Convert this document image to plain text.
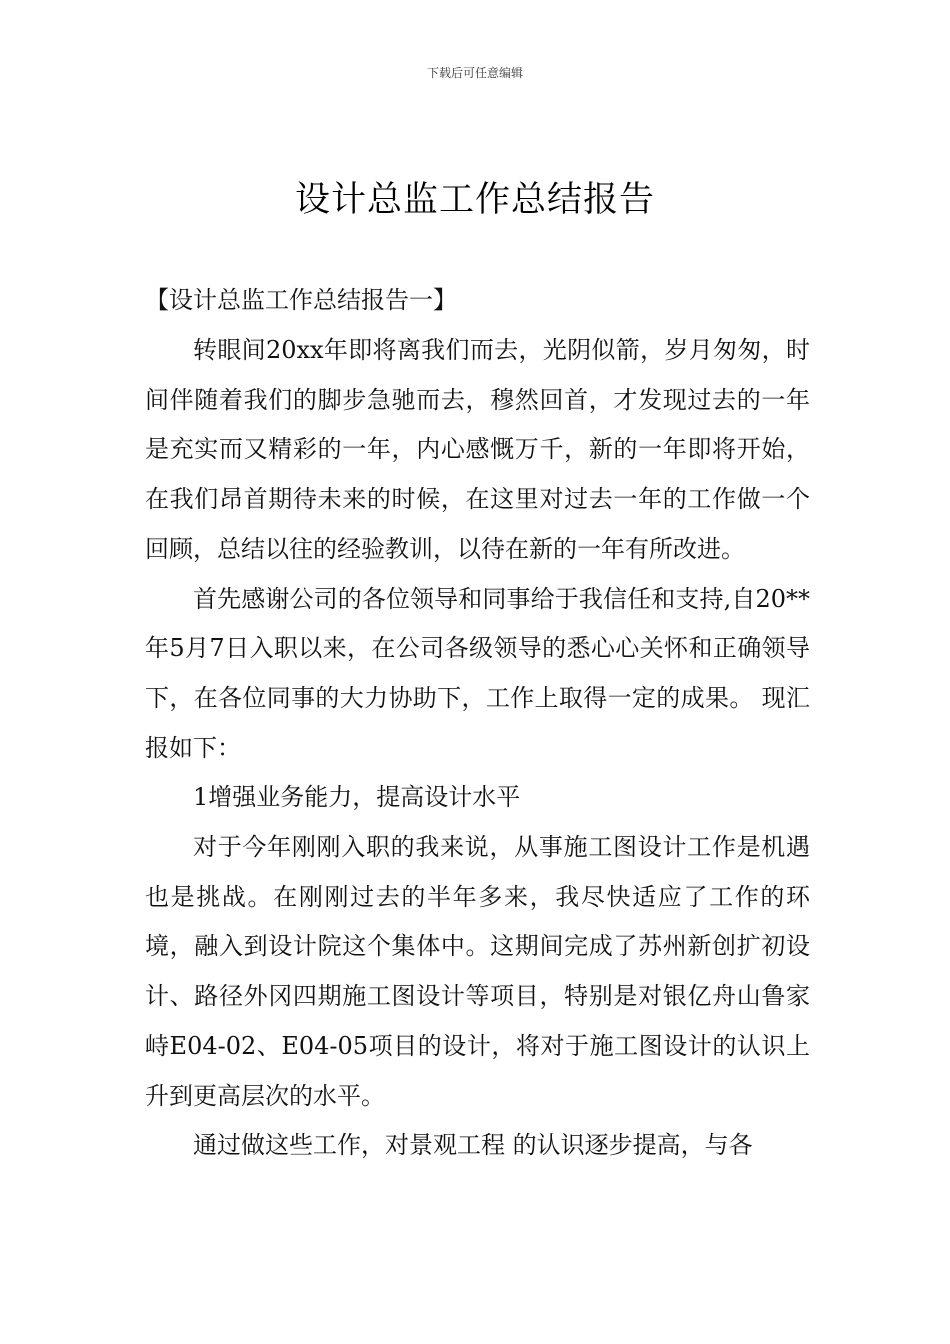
下载后可任意编辑
设计总监工作总结报告
【设计总监工作总结报告一】

转眼间20xx年即将离我们而去，光阴似箭，岁月匆匆，时间伴随着我们的脚步急驰而去，穆然回首，才发现过去的一年是充实而又精彩的一年，内心感慨万千，新的一年即将开始，在我们昂首期待未来的时候，在这里对过去一年的工作做一个回顾，总结以往的经验教训，以待在新的一年有所改进。

首先感谢公司的各位领导和同事给于我信任和支持,自20**年5月7日入职以来，在公司各级领导的悉心心关怀和正确领导下，在各位同事的大力协助下，工作上取得一定的成果。 现汇报如下：

1增强业务能力，提高设计水平

对于今年刚刚入职的我来说，从事施工图设计工作是机遇也是挑战。在刚刚过去的半年多来，我尽快适应了工作的环境，融入到设计院这个集体中。这期间完成了苏州新创扩初设计、路径外冈四期施工图设计等项目，特别是对银亿舟山鲁家峙E04-02、E04-05项目的设计，将对于施工图设计的认识上升到更高层次的水平。

通过做这些工作，对景观工程 的认识逐步提高，与各
